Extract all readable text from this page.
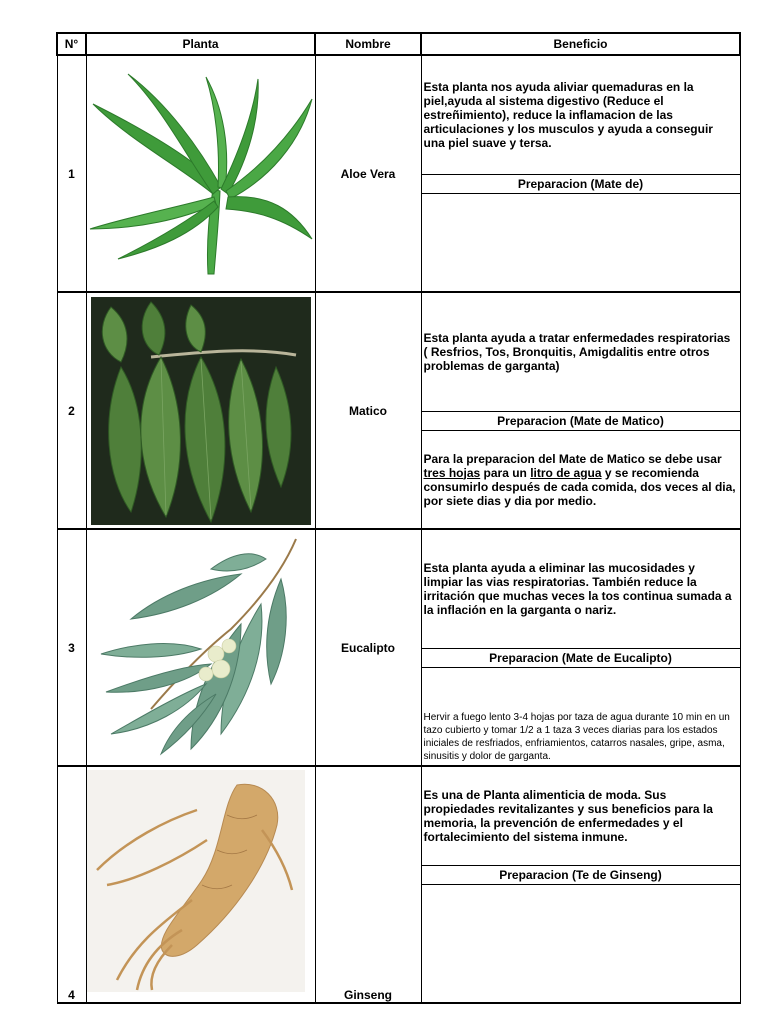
N°	Planta	Nombre	Beneficio
1		Aloe Vera	Esta planta nos ayuda aliviar quemaduras en la piel,ayuda al sistema digestivo (Reduce el estreñimiento), reduce la inflamacion de las articulaciones y los musculos y ayuda a conseguir una piel suave y tersa.
Preparacion (Mate de)

2		Matico	Esta planta ayuda a tratar enfermedades respiratorias ( Resfrios, Tos, Bronquitis, Amigdalitis entre otros problemas de garganta)
Preparacion (Mate de Matico)
Para la preparacion del Mate de Matico se debe usar tres hojas para un litro de agua y se recomienda consumirlo después de cada comida, dos veces al dia, por siete dias y dia por medio.

3		Eucalipto	Esta planta ayuda a eliminar las mucosidades y limpiar las vias respiratorias. También reduce la irritación que muchas veces la tos continua sumada a la inflación en la garganta o nariz.
Preparacion (Mate de Eucalipto)
Hervir a fuego lento 3-4 hojas por taza de agua durante 10 min en un tazo cubierto y tomar 1/2 a 1 taza 3 veces diarias para los estados iniciales de resfriados, enfriamientos, catarros nasales, gripe, asma, sinusitis y dolor de garganta.

4		Ginseng	Es una de Planta alimenticia de moda. Sus propiedades revitalizantes y sus beneficios para la memoria, la prevención de enfermedades y el fortalecimiento del sistema inmune.
Preparacion (Te de Ginseng)
